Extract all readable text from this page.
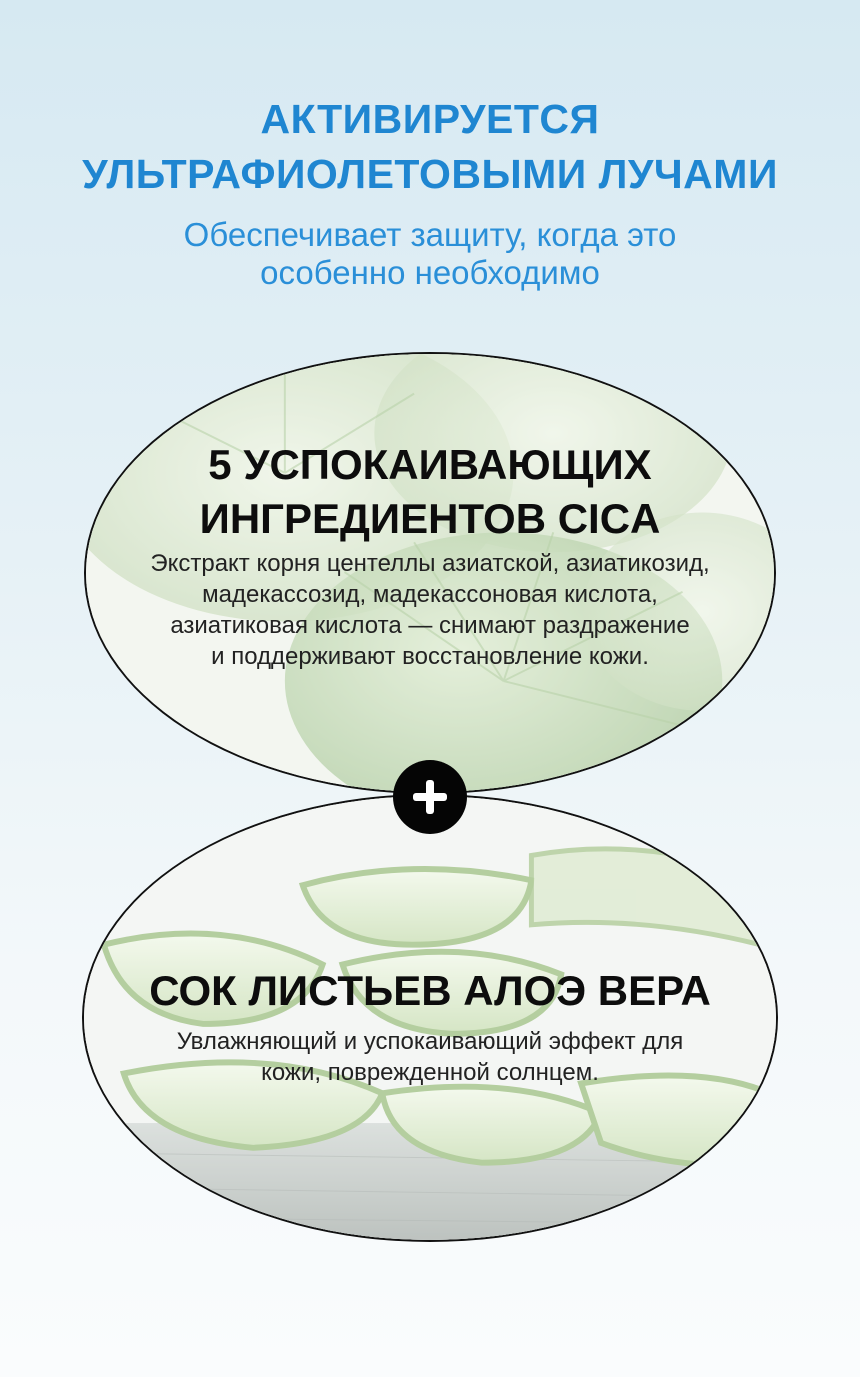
АКТИВИРУЕТСЯ
УЛЬТРАФИОЛЕТОВЫМИ ЛУЧАМИ
Обеспечивает защиту, когда это
особенно необходимо
5 УСПОКАИВАЮЩИХ
ИНГРЕДИЕНТОВ CICA
Экстракт корня центеллы азиатской, азиатикозид,
мадекассозид, мадекассоновая кислота,
азиатиковая кислота — снимают раздражение
и поддерживают восстановление кожи.
СОК ЛИСТЬЕВ АЛОЭ ВЕРА
Увлажняющий и успокаивающий эффект для
кожи, поврежденной солнцем.
